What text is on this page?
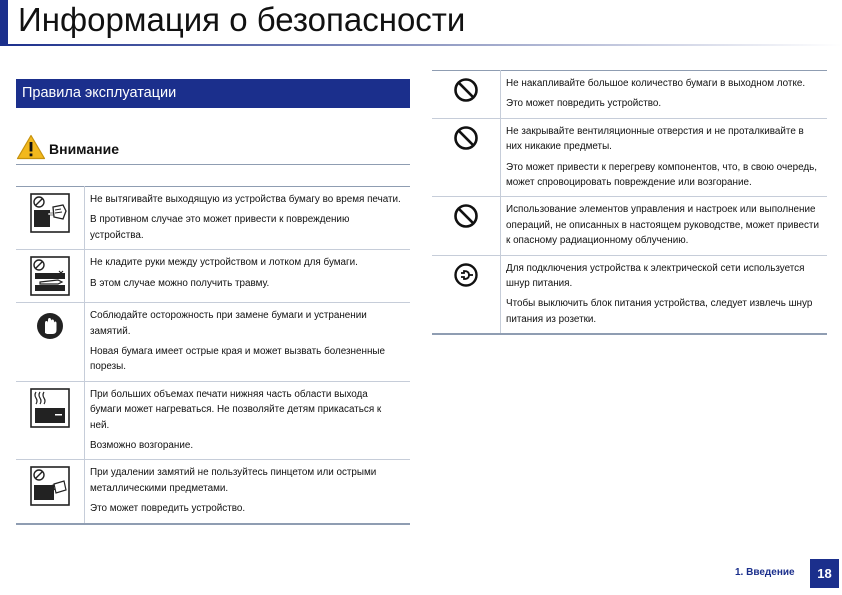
Информация о безопасности
Правила эксплуатации
Внимание

Не вытягивайте выходящую из устройства бумагу во время печати.

В противном случае это может привести к повреждению устройства.

Не кладите руки между устройством и лотком для бумаги.

В этом случае можно получить травму.

Соблюдайте осторожность при замене бумаги и устранении замятий.

Новая бумага имеет острые края и может вызвать болезненные порезы.

При больших объемах печати нижняя часть области выхода бумаги может нагреваться. Не позволяйте детям прикасаться к ней.

Возможно возгорание.

При удалении замятий не пользуйтесь пинцетом или острыми металлическими предметами.

Это может повредить устройство.

Не накапливайте большое количество бумаги в выходном лотке.

Это может повредить устройство.

Не закрывайте вентиляционные отверстия и не проталкивайте в них никакие предметы.

Это может привести к перегреву компонентов, что, в свою очередь, может спровоцировать повреждение или возгорание.

Использование элементов управления и настроек или выполнение операций, не описанных в настоящем руководстве, может привести к опасному радиационному облучению.

Для подключения устройства к электрической сети используется шнур питания.

Чтобы выключить блок питания устройства, следует извлечь шнур питания из розетки.

1. Введение	18
